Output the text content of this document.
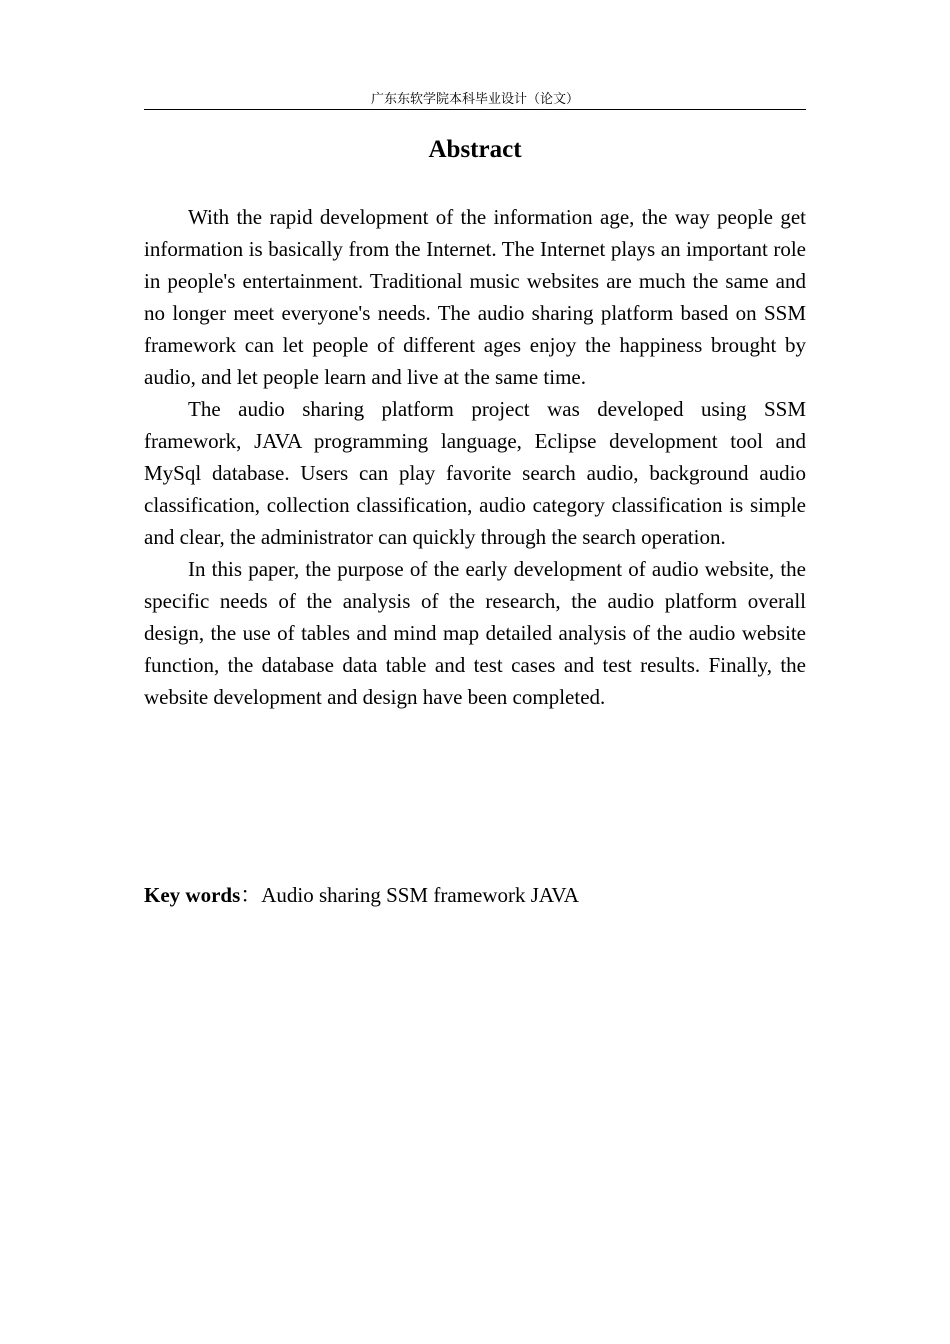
广东东软学院本科毕业设计（论文）
Abstract

With the rapid development of the information age, the way people get information is basically from the Internet. The Internet plays an important role in people's entertainment. Traditional music websites are much the same and no longer meet everyone's needs. The audio sharing platform based on SSM framework can let people of different ages enjoy the happiness brought by audio, and let people learn and live at the same time.

The audio sharing platform project was developed using SSM framework, JAVA programming language, Eclipse development tool and MySql database. Users can play favorite search audio, background audio classification, collection classification, audio category classification is simple and clear, the administrator can quickly through the search operation.

In this paper, the purpose of the early development of audio website, the specific needs of the analysis of the research, the audio platform overall design, the use of tables and mind map detailed analysis of the audio website function, the database data table and test cases and test results. Finally, the website development and design have been completed.

Key words：Audio sharing SSM framework JAVA
